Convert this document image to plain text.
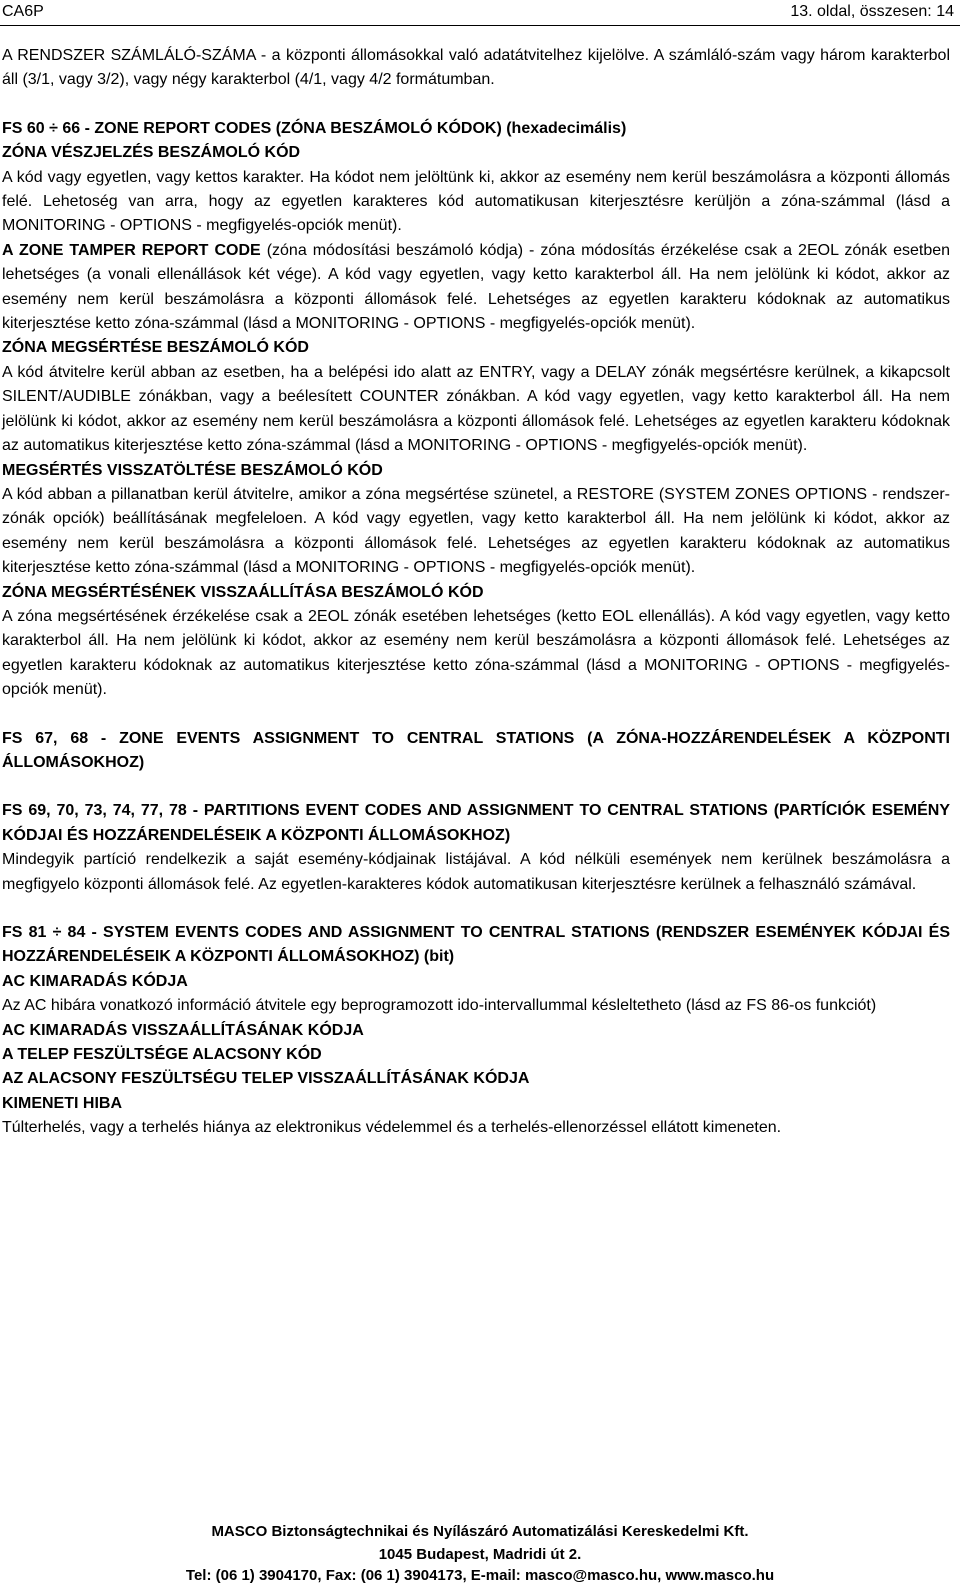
CA6P	13. oldal, összesen: 14

A RENDSZER SZÁMLÁLÓ-SZÁMA - a központi állomásokkal való adatátvitelhez kijelölve. A számláló-szám vagy három karakterbol áll (3/1, vagy 3/2), vagy négy karakterbol (4/1, vagy 4/2 formátumban.

FS 60 ÷ 66 - ZONE REPORT CODES (ZÓNA BESZÁMOLÓ KÓDOK) (hexadecimális)

ZÓNA VÉSZJELZÉS BESZÁMOLÓ KÓD

A kód vagy egyetlen, vagy kettos karakter. Ha kódot nem jelöltünk ki, akkor az esemény nem kerül beszámolásra a központi állomás felé. Lehetoség van arra, hogy az egyetlen karakteres kód automatikusan kiterjesztésre kerüljön a zóna-számmal (lásd a MONITORING - OPTIONS - megfigyelés-opciók menüt).

A ZONE TAMPER REPORT CODE (zóna módosítási beszámoló kódja) - zóna módosítás érzékelése csak a 2EOL zónák esetben lehetséges (a vonali ellenállások két vége). A kód vagy egyetlen, vagy ketto karakterbol áll. Ha nem jelölünk ki kódot, akkor az esemény nem kerül beszámolásra a központi állomások felé. Lehetséges az egyetlen karakteru kódoknak az automatikus kiterjesztése ketto zóna-számmal (lásd a MONITORING - OPTIONS - megfigyelés-opciók menüt).

ZÓNA MEGSÉRTÉSE BESZÁMOLÓ KÓD

A kód átvitelre kerül abban az esetben, ha a belépési ido alatt az ENTRY, vagy a DELAY zónák megsértésre kerülnek, a kikapcsolt SILENT/AUDIBLE zónákban, vagy a beélesített COUNTER zónákban. A kód vagy egyetlen, vagy ketto karakterbol áll. Ha nem jelölünk ki kódot, akkor az esemény nem kerül beszámolásra a központi állomások felé. Lehetséges az egyetlen karakteru kódoknak az automatikus kiterjesztése ketto zóna-számmal (lásd a MONITORING - OPTIONS - megfigyelés-opciók menüt).

MEGSÉRTÉS VISSZATÖLTÉSE BESZÁMOLÓ KÓD

A kód abban a pillanatban kerül átvitelre, amikor a zóna megsértése szünetel, a RESTORE (SYSTEM ZONES OPTIONS - rendszer-zónák opciók) beállításának megfeleloen. A kód vagy egyetlen, vagy ketto karakterbol áll. Ha nem jelölünk ki kódot, akkor az esemény nem kerül beszámolásra a központi állomások felé. Lehetséges az egyetlen karakteru kódoknak az automatikus kiterjesztése ketto zóna-számmal (lásd a MONITORING - OPTIONS - megfigyelés-opciók menüt).

ZÓNA MEGSÉRTÉSÉNEK VISSZAÁLLÍTÁSA BESZÁMOLÓ KÓD

A zóna megsértésének érzékelése csak a 2EOL zónák esetében lehetséges (ketto EOL ellenállás). A kód vagy egyetlen, vagy ketto karakterbol áll. Ha nem jelölünk ki kódot, akkor az esemény nem kerül beszámolásra a központi állomások felé. Lehetséges az egyetlen karakteru kódoknak az automatikus kiterjesztése ketto zóna-számmal (lásd a MONITORING - OPTIONS - megfigyelés-opciók menüt).

FS 67, 68 - ZONE EVENTS ASSIGNMENT TO CENTRAL STATIONS (A ZÓNA-HOZZÁRENDELÉSEK A KÖZPONTI ÁLLOMÁSOKHOZ)

FS 69, 70, 73, 74, 77, 78 - PARTITIONS EVENT CODES AND ASSIGNMENT TO CENTRAL STATIONS (PARTÍCIÓK ESEMÉNY KÓDJAI ÉS HOZZÁRENDELÉSEIK A KÖZPONTI ÁLLOMÁSOKHOZ)

Mindegyik partíció rendelkezik a saját esemény-kódjainak listájával. A kód nélküli események nem kerülnek beszámolásra a megfigyelo központi állomások felé. Az egyetlen-karakteres kódok automatikusan kiterjesztésre kerülnek a felhasználó számával.

FS 81 ÷ 84 - SYSTEM EVENTS CODES AND ASSIGNMENT TO CENTRAL STATIONS (RENDSZER ESEMÉNYEK KÓDJAI ÉS HOZZÁRENDELÉSEIK A KÖZPONTI ÁLLOMÁSOKHOZ) (bit)

AC KIMARADÁS KÓDJA

Az AC hibára vonatkozó információ átvitele egy beprogramozott ido-intervallummal késleltetheto (lásd az FS 86-os funkciót)

AC KIMARADÁS VISSZAÁLLÍTÁSÁNAK KÓDJA

A TELEP FESZÜLTSÉGE ALACSONY KÓD

AZ ALACSONY FESZÜLTSÉGU TELEP VISSZAÁLLÍTÁSÁNAK KÓDJA

KIMENETI HIBA

Túlterhelés, vagy a terhelés hiánya az elektronikus védelemmel és a terhelés-ellenorzéssel ellátott kimeneten.

MASCO Biztonságtechnikai és Nyílászáró Automatizálási Kereskedelmi Kft.
1045 Budapest, Madridi út 2.
Tel: (06 1) 3904170, Fax: (06 1) 3904173, E-mail: masco@masco.hu, www.masco.hu
